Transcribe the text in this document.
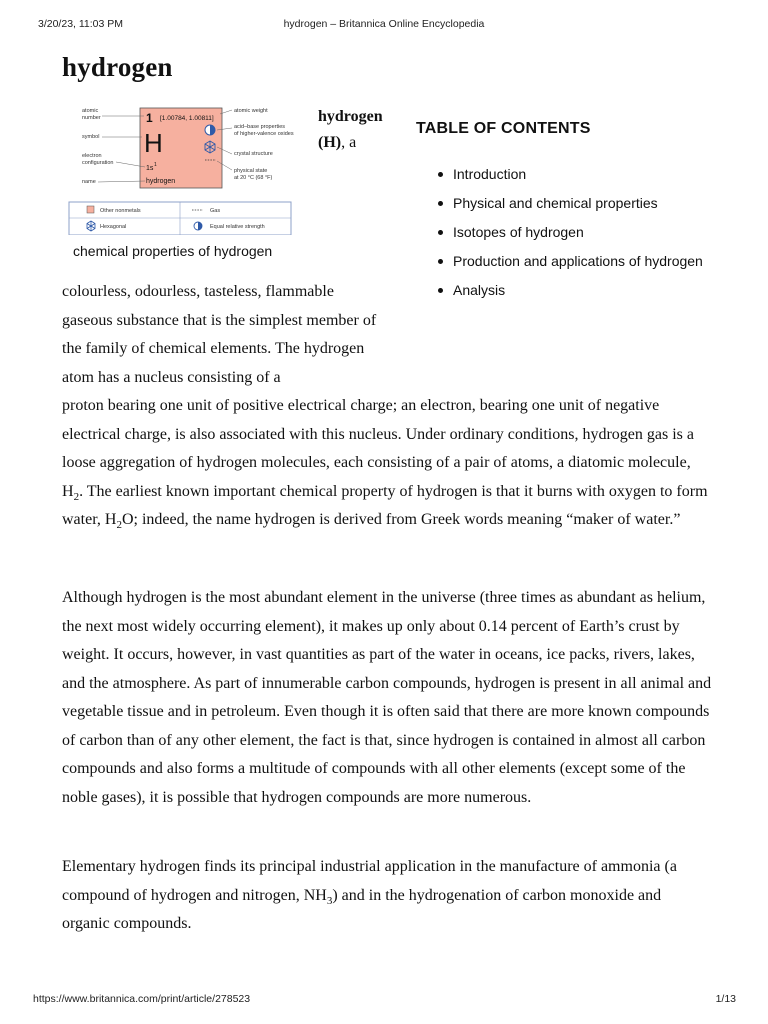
3/20/23, 11:03 PM	hydrogen – Britannica Online Encyclopedia
hydrogen
1 [1.00784, 1.00811]
H
1s 1
hydrogen
atomic
number
symbol
electron
configuration
name
atomic weight
acid–base properties
of higher-valence oxides
crystal structure
physical state
at 20 °C (68 °F)
Other nonmetals	Gas
Hexagonal	Equal relative strength
chemical properties of hydrogen
hydrogen
(H), a
TABLE OF CONTENTS
Introduction
Physical and chemical properties
Isotopes of hydrogen
Production and applications of hydrogen
Analysis

colourless, odourless, tasteless, flammable gaseous substance that is the simplest member of the family of chemical elements. The hydrogen atom has a nucleus consisting of a

proton bearing one unit of positive electrical charge; an electron, bearing one unit of negative electrical charge, is also associated with this nucleus. Under ordinary conditions, hydrogen gas is a loose aggregation of hydrogen molecules, each consisting of a pair of atoms, a diatomic molecule, $H_2$. The earliest known important chemical property of hydrogen is that it burns with oxygen to form water, $H_2O$; indeed, the name hydrogen is derived from Greek words meaning “maker of water.”

Although hydrogen is the most abundant element in the universe (three times as abundant as helium, the next most widely occurring element), it makes up only about 0.14 percent of Earth’s crust by weight. It occurs, however, in vast quantities as part of the water in oceans, ice packs, rivers, lakes, and the atmosphere. As part of innumerable carbon compounds, hydrogen is present in all animal and vegetable tissue and in petroleum. Even though it is often said that there are more known compounds of carbon than of any other element, the fact is that, since hydrogen is contained in almost all carbon compounds and also forms a multitude of compounds with all other elements (except some of the noble gases), it is possible that hydrogen compounds are more numerous.

Elementary hydrogen finds its principal industrial application in the manufacture of ammonia (a compound of hydrogen and nitrogen, $NH_3$) and in the hydrogenation of carbon monoxide and organic compounds.

https://www.britannica.com/print/article/278523	1/13
